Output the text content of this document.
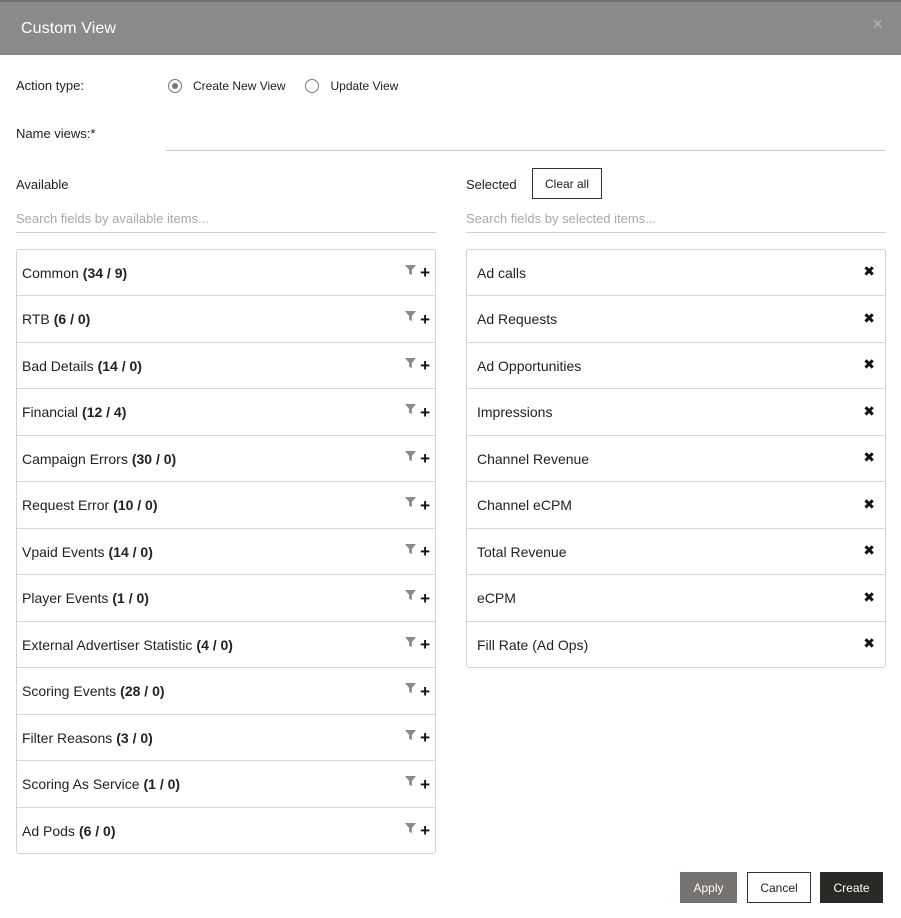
Custom View	×
Action type:	Create New View	Update View
Name views:*
Available	Selected	Clear all
Search fields by available items...
Search fields by selected items...
Common (34 / 9)	+
RTB (6 / 0)	+
Bad Details (14 / 0)	+
Financial (12 / 4)	+
Campaign Errors (30 / 0)	+
Request Error (10 / 0)	+
Vpaid Events (14 / 0)	+
Player Events (1 / 0)	+
External Advertiser Statistic (4 / 0)	+
Scoring Events (28 / 0)	+
Filter Reasons (3 / 0)	+
Scoring As Service (1 / 0)	+
Ad Pods (6 / 0)	+
Ad calls	✖
Ad Requests	✖
Ad Opportunities	✖
Impressions	✖
Channel Revenue	✖
Channel eCPM	✖
Total Revenue	✖
eCPM	✖
Fill Rate (Ad Ops)	✖
Apply	Cancel	Create
